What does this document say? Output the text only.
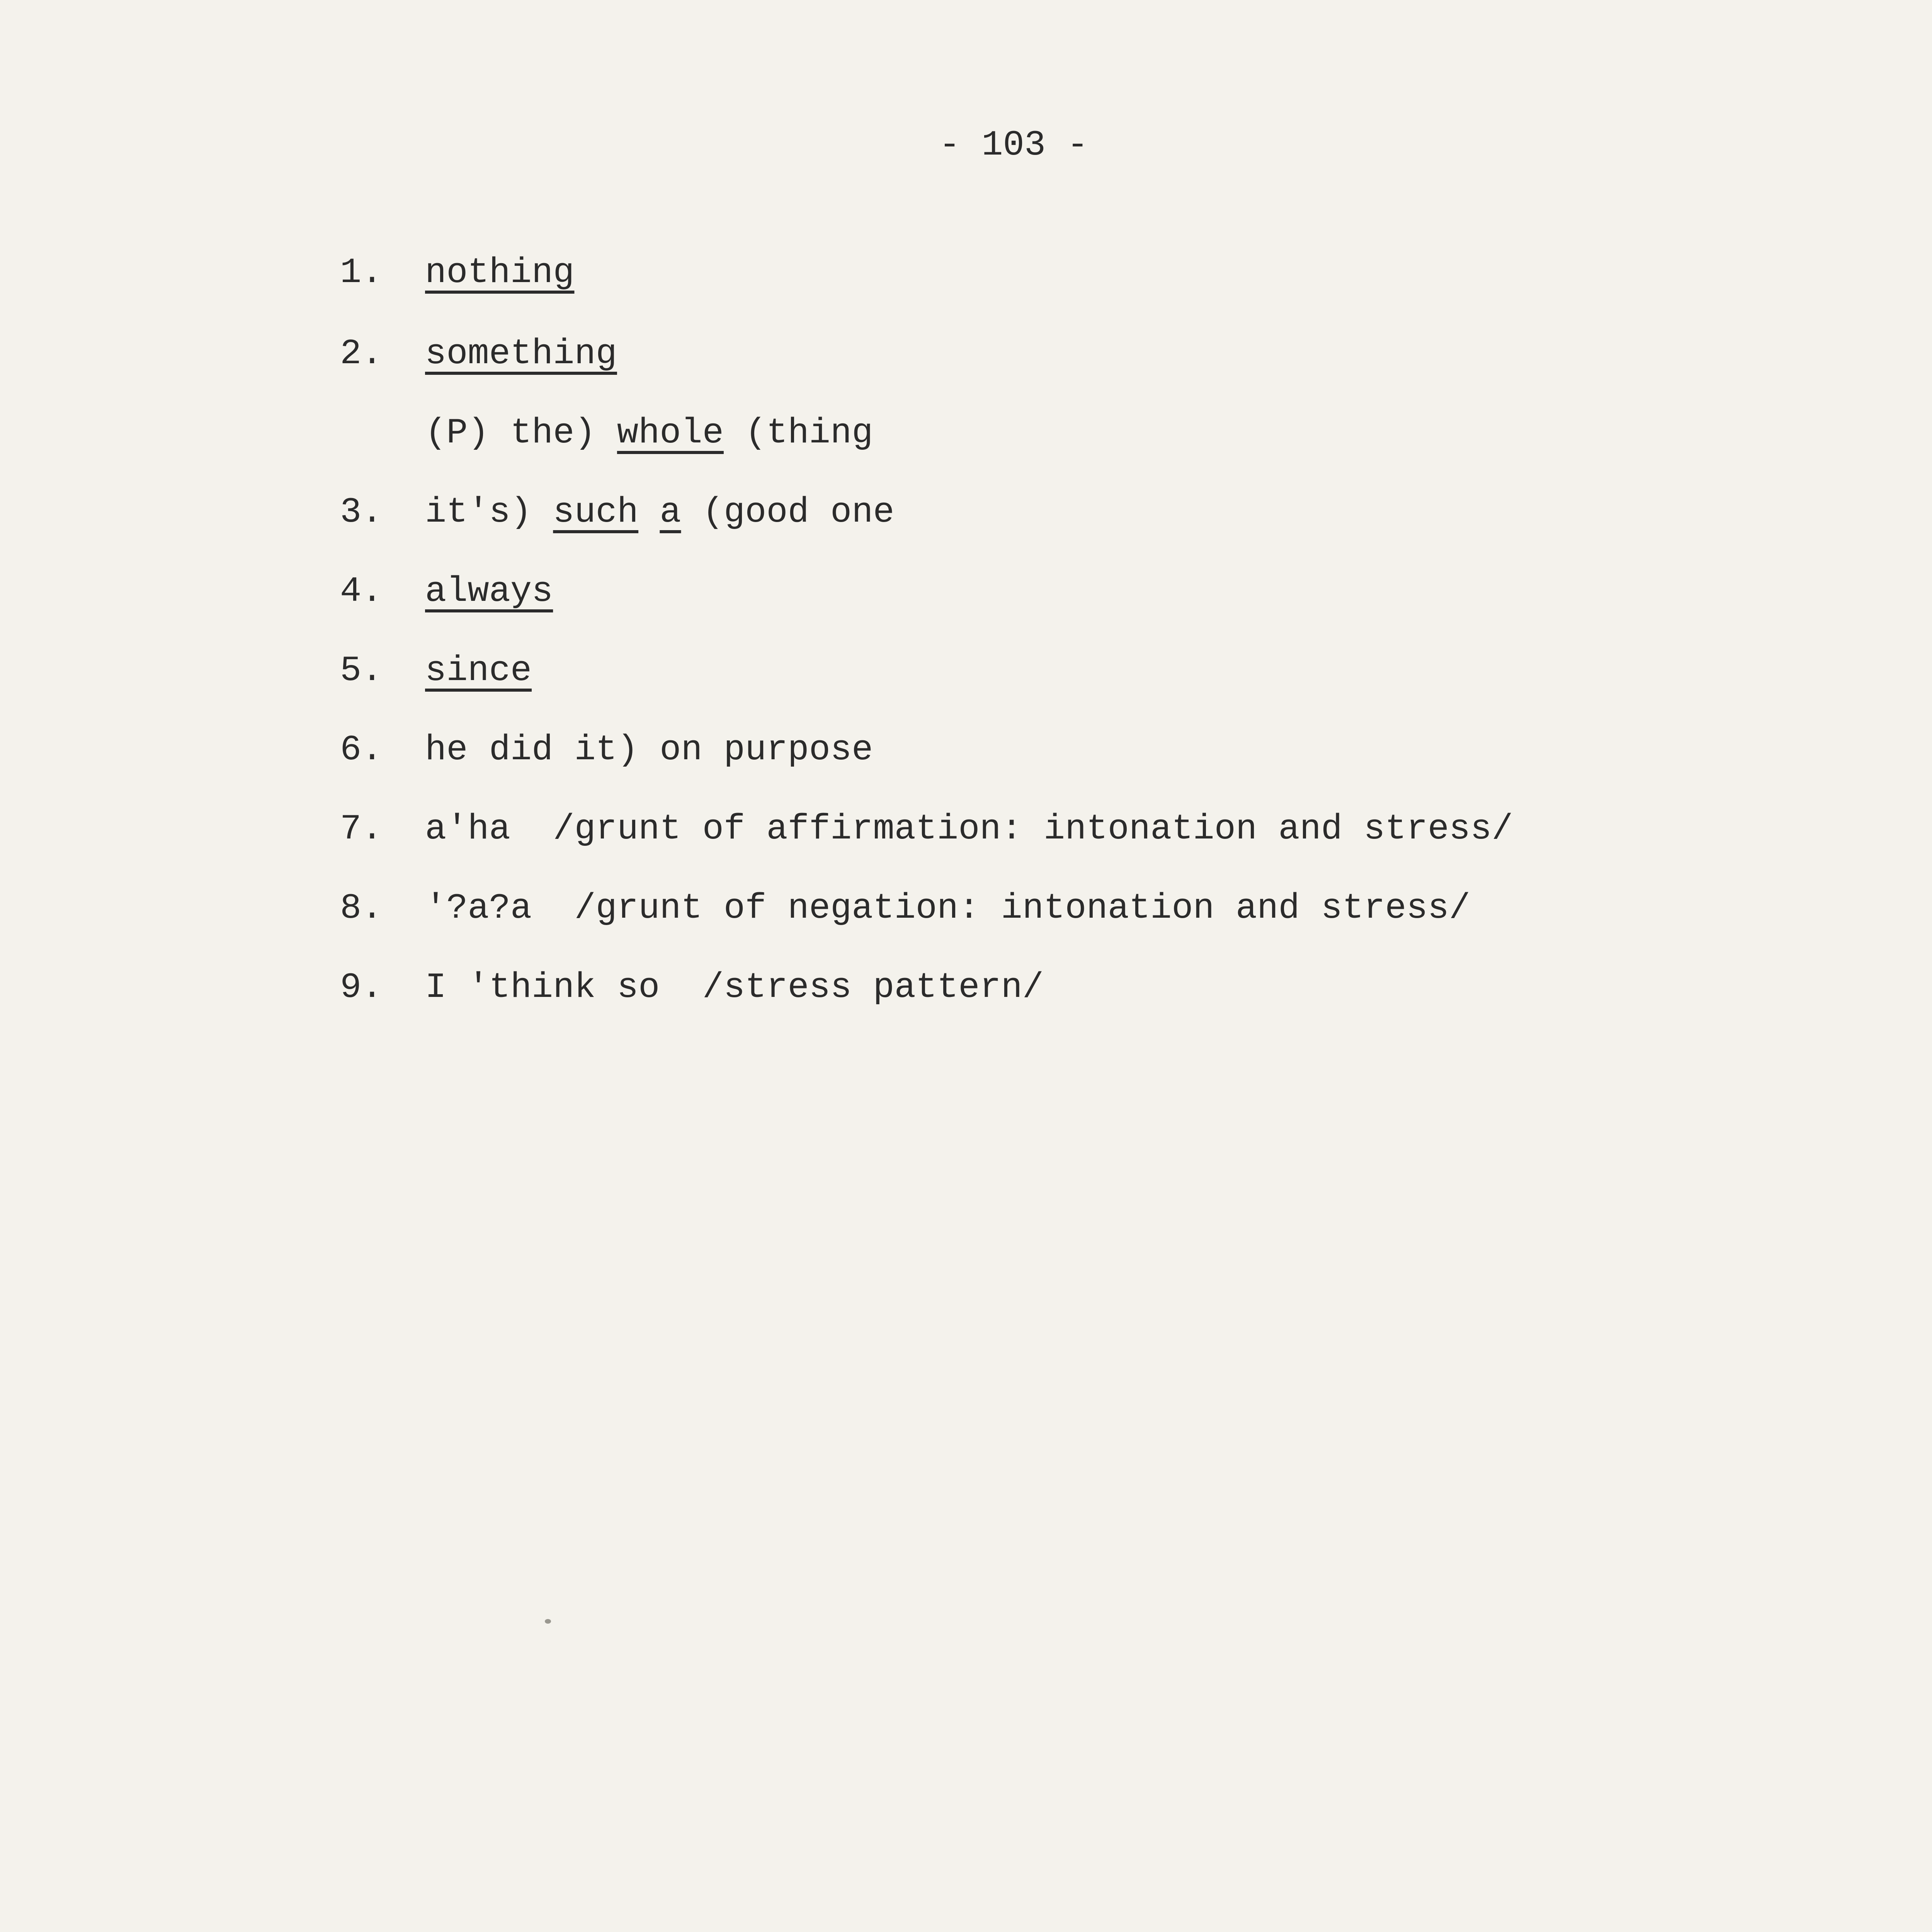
- 103 -
1. nothing
2. something
(P) the) whole (thing
3. it's) such a (good one
4. always
5. since
6. he did it) on purpose
7. a'ha  /grunt of affirmation: intonation and stress/
8. '?a?a  /grunt of negation: intonation and stress/
9. I 'think so  /stress pattern/
